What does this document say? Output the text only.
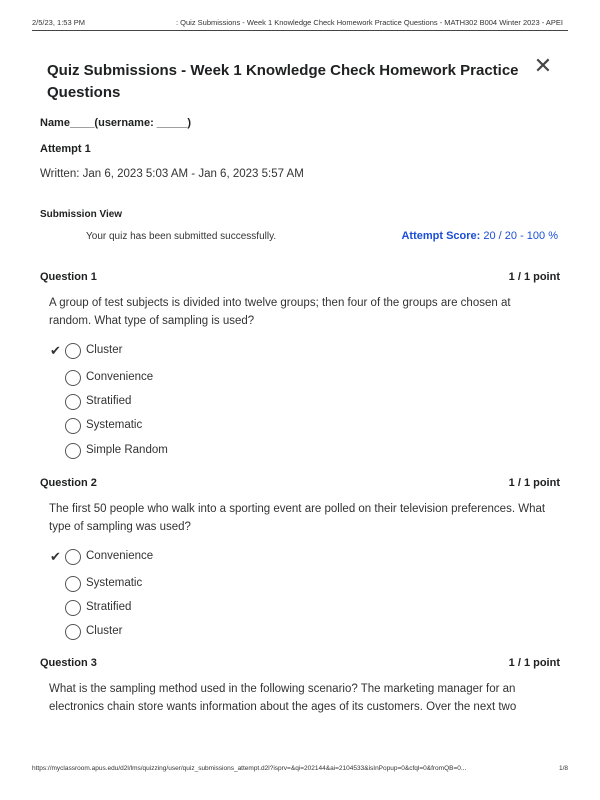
2/5/23, 1:53 PM	: Quiz Submissions - Week 1 Knowledge Check Homework Practice Questions - MATH302 B004 Winter 2023 - APEI
Quiz Submissions - Week 1 Knowledge Check Homework Practice Questions
✕
Name____(username: _____)
Attempt 1
Written: Jan 6, 2023 5:03 AM - Jan 6, 2023 5:57 AM
Submission View
Your quiz has been submitted successfully.	Attempt Score: 20 / 20 - 100 %
Question 1	1 / 1 point
A group of test subjects is divided into twelve groups; then four of the groups are chosen at random. What type of sampling is used?
✔ Cluster
Convenience
Stratified
Systematic
Simple Random
Question 2	1 / 1 point
The first 50 people who walk into a sporting event are polled on their television preferences. What type of sampling was used?
✔ Convenience
Systematic
Stratified
Cluster
Question 3	1 / 1 point
What is the sampling method used in the following scenario? The marketing manager for an electronics chain store wants information about the ages of its customers. Over the next two
https://myclassroom.apus.edu/d2l/lms/quizzing/user/quiz_submissions_attempt.d2l?isprv=&qi=202144&ai=2104533&isInPopup=0&cfql=0&fromQB=0...	1/8
